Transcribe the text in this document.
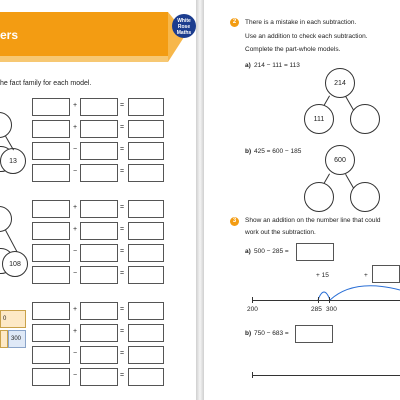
ers
White
Rose
Maths
he fact family for each model.
13
108
0
300
+	=
+	=
−	=
−	=
+	=
+	=
−	=
−	=
+	=
+	=
−	=
−	=
2	There is a mistake in each subtraction.
Use an addition to check each subtraction.
Complete the part-whole models.
a) 214 − 111 = 113
214
111
b) 425 = 600 − 185
600
3	Show an addition on the number line that could
work out the subtraction.
a) 500 − 285 =
+ 15	+
200	285 300
b) 750 − 683 =
